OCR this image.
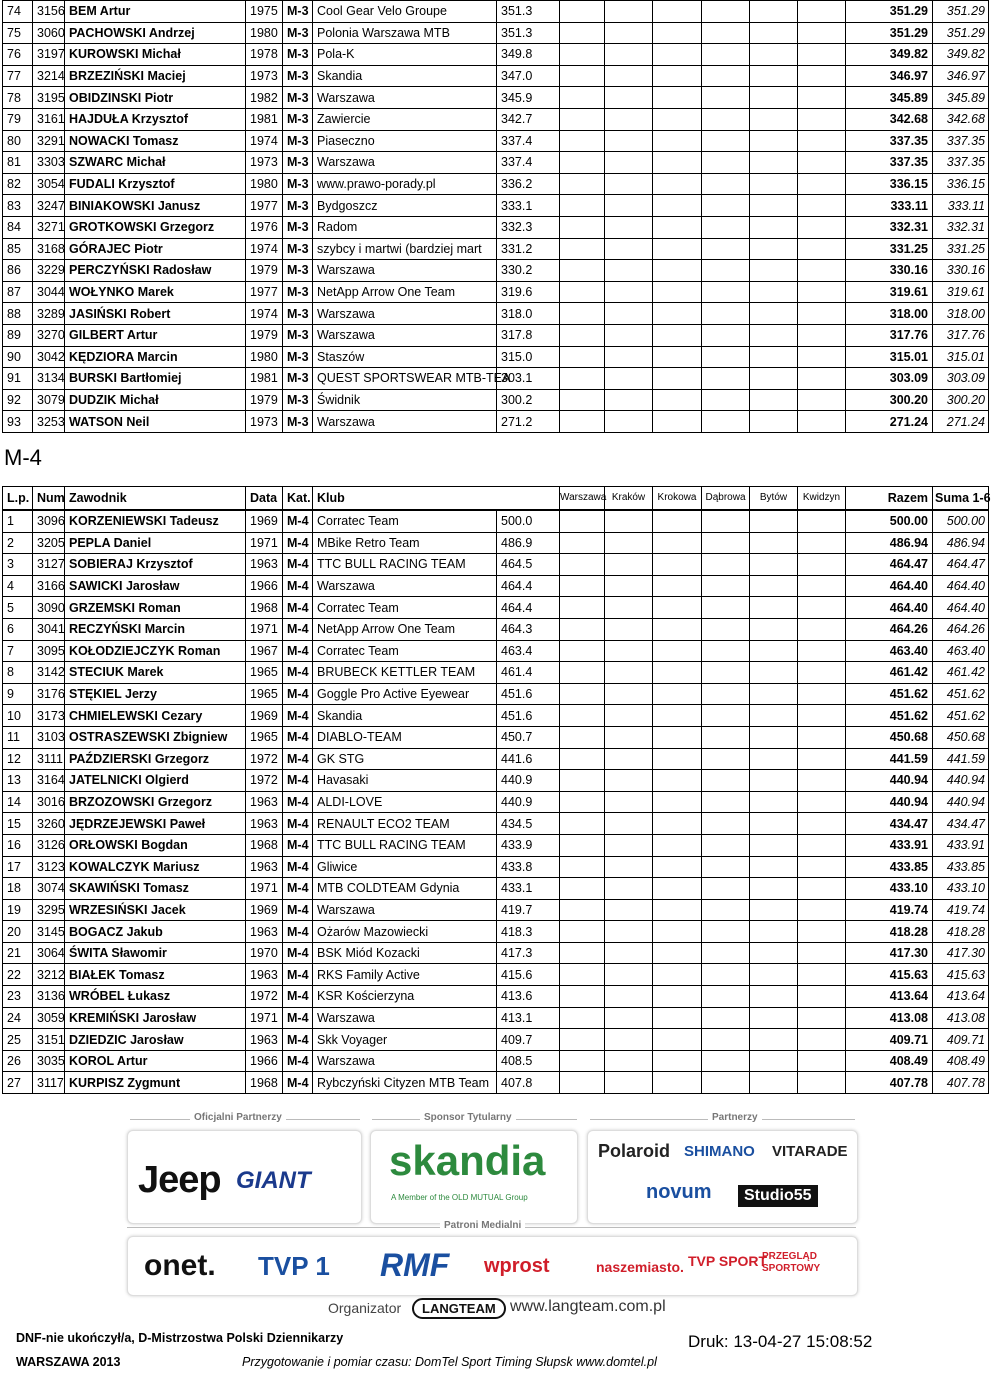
74	3156	BEM Artur	1975	M-3	Cool Gear Velo Groupe	351.3							351.29	351.29
75	3060	PACHOWSKI Andrzej	1980	M-3	Polonia Warszawa MTB	351.3							351.29	351.29
76	3197	KUROWSKI Michał	1978	M-3	Pola-K	349.8							349.82	349.82
77	3214	BRZEZIŃSKI Maciej	1973	M-3	Skandia	347.0							346.97	346.97
78	3195	OBIDZINSKI Piotr	1982	M-3	Warszawa	345.9							345.89	345.89
79	3161	HAJDUŁA Krzysztof	1981	M-3	Zawiercie	342.7							342.68	342.68
80	3291	NOWACKI Tomasz	1974	M-3	Piaseczno	337.4							337.35	337.35
81	3303	SZWARC Michał	1973	M-3	Warszawa	337.4							337.35	337.35
82	3054	FUDALI Krzysztof	1980	M-3	www.prawo-porady.pl	336.2							336.15	336.15
83	3247	BINIAKOWSKI Janusz	1977	M-3	Bydgoszcz	333.1							333.11	333.11
84	3271	GROTKOWSKI Grzegorz	1976	M-3	Radom	332.3							332.31	332.31
85	3168	GÓRAJEC Piotr	1974	M-3	szybcy i martwi (bardziej mart	331.2							331.25	331.25
86	3229	PERCZYŃSKI Radosław	1979	M-3	Warszawa	330.2							330.16	330.16
87	3044	WOŁYNKO Marek	1977	M-3	NetApp Arrow One Team	319.6							319.61	319.61
88	3289	JASIŃSKI Robert	1974	M-3	Warszawa	318.0							318.00	318.00
89	3270	GILBERT Artur	1979	M-3	Warszawa	317.8							317.76	317.76
90	3042	KĘDZIORA Marcin	1980	M-3	Staszów	315.0							315.01	315.01
91	3134	BURSKI Bartłomiej	1981	M-3	QUEST SPORTSWEAR MTB-TEA	303.1							303.09	303.09
92	3079	DUDZIK Michał	1979	M-3	Świdnik	300.2							300.20	300.20
93	3253	WATSON Neil	1973	M-3	Warszawa	271.2							271.24	271.24
M-4
L.p.	Num	Zawodnik	Data	Kat.	Klub	Warszawa	Kraków	Krokowa	Dąbrowa	Bytów	Kwidzyn	Razem	Suma 1-6
1	3096	KORZENIEWSKI Tadeusz	1969	M-4	Corratec Team	500.0							500.00	500.00
2	3205	PEPLA Daniel	1971	M-4	MBike Retro Team	486.9							486.94	486.94
3	3127	SOBIERAJ Krzysztof	1963	M-4	TTC BULL RACING TEAM	464.5							464.47	464.47
4	3166	SAWICKI Jarosław	1966	M-4	Warszawa	464.4							464.40	464.40
5	3090	GRZEMSKI Roman	1968	M-4	Corratec Team	464.4							464.40	464.40
6	3041	RECZYŃSKI Marcin	1971	M-4	NetApp Arrow One Team	464.3							464.26	464.26
7	3095	KOŁODZIEJCZYK Roman	1967	M-4	Corratec Team	463.4							463.40	463.40
8	3142	STECIUK Marek	1965	M-4	BRUBECK KETTLER TEAM	461.4							461.42	461.42
9	3176	STĘKIEL Jerzy	1965	M-4	Goggle Pro Active Eyewear	451.6							451.62	451.62
10	3173	CHMIELEWSKI Cezary	1969	M-4	Skandia	451.6							451.62	451.62
11	3103	OSTRASZEWSKI Zbigniew	1965	M-4	DIABLO-TEAM	450.7							450.68	450.68
12	3111	PAŹDZIERSKI Grzegorz	1972	M-4	GK STG	441.6							441.59	441.59
13	3164	JATELNICKI Olgierd	1972	M-4	Havasaki	440.9							440.94	440.94
14	3016	BRZOZOWSKI Grzegorz	1963	M-4	ALDI-LOVE	440.9							440.94	440.94
15	3260	JĘDRZEJEWSKI Paweł	1963	M-4	RENAULT ECO2 TEAM	434.5							434.47	434.47
16	3126	ORŁOWSKI Bogdan	1968	M-4	TTC BULL RACING TEAM	433.9							433.91	433.91
17	3123	KOWALCZYK Mariusz	1963	M-4	Gliwice	433.8							433.85	433.85
18	3074	SKAWIŃSKI Tomasz	1971	M-4	MTB COLDTEAM Gdynia	433.1							433.10	433.10
19	3295	WRZESIŃSKI Jacek	1969	M-4	Warszawa	419.7							419.74	419.74
20	3145	BOGACZ Jakub	1963	M-4	Ożarów Mazowiecki	418.3							418.28	418.28
21	3064	ŚWITA Sławomir	1970	M-4	BSK Miód Kozacki	417.3							417.30	417.30
22	3212	BIAŁEK Tomasz	1963	M-4	RKS Family Active	415.6							415.63	415.63
23	3136	WRÓBEL Łukasz	1972	M-4	KSR Kościerzyna	413.6							413.64	413.64
24	3059	KREMIŃSKI Jarosław	1971	M-4	Warszawa	413.1							413.08	413.08
25	3151	DZIEDZIC Jarosław	1963	M-4	Skk Voyager	409.7							409.71	409.71
26	3035	KOROL Artur	1966	M-4	Warszawa	408.5							408.49	408.49
27	3117	KURPISZ Zygmunt	1968	M-4	Rybczyński Cityzen MTB Team	407.8							407.78	407.78
Oficjalni Partnerzy	Sponsor Tytularny	Partnerzy
Jeep GIANT skandia
A Member of the OLD MUTUAL Group
Polaroid SHIMANO VITARADE
novum	Studio55
Patroni Medialni
onet. TVP 1 RMF wprost	naszemiasto. TVP SPORT
PRZEGLĄD SPORTOWY
Organizator	LANGTEAM www.langteam.com.pl
DNF-nie ukończył/a, D-Mistrzostwa Polski Dziennikarzy
WARSZAWA 2013	Przygotowanie i pomiar czasu: DomTel Sport Timing Słupsk www.domtel.pl
Druk: 13-04-27 15:08:52
